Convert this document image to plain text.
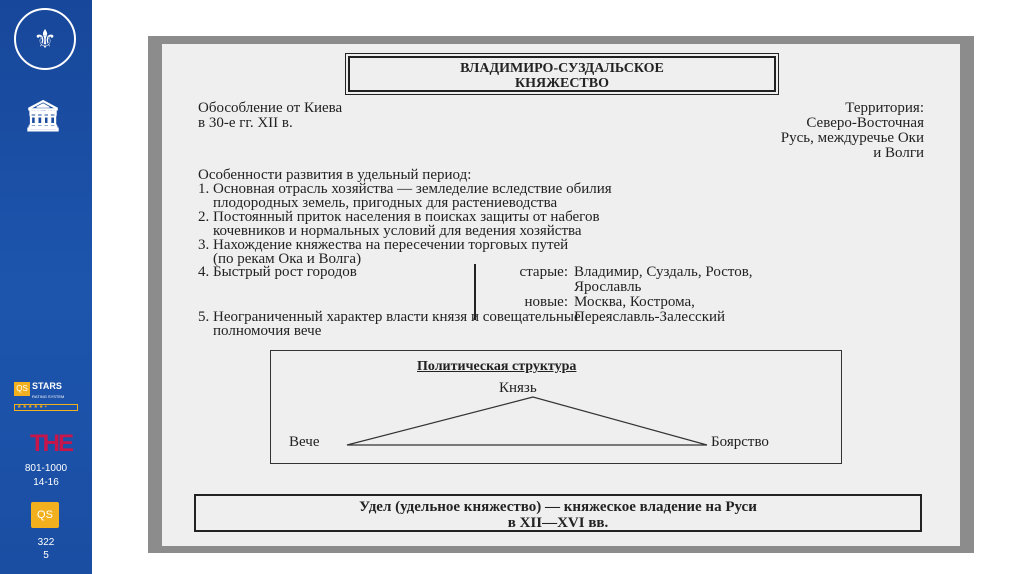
⚜
🏛
QS STARS
RATING SYSTEM
★★★★★+
THE
801-1000
14-16
QS
322
5
ВЛАДИМИРО-СУЗДАЛЬСКОЕ
КНЯЖЕСТВО
Обособление от Киева
в 30-е гг. XII в.
Территория:
Северо-Восточная
Русь, междуречье Оки
и Волги
Особенности развития в удельный период:
1. Основная отрасль хозяйства — земледелие вследствие обилия
плодородных земель, пригодных для растениеводства
2. Постоянный приток населения в поисках защиты от набегов
кочевников и нормальных условий для ведения хозяйства
3. Нахождение княжества на пересечении торговых путей
(по рекам Ока и Волга)
4. Быстрый рост городов	старые: Владимир, Суздаль, Ростов,
Ярославль
новые: Москва, Кострома,
Переяславль-Залесский
5. Неограниченный характер власти князя и совещательные
полномочия вече
Политическая структура
Князь
Вече	Боярство
Удел (удельное княжество) — княжеское владение на Руси
в XII—XVI вв.
